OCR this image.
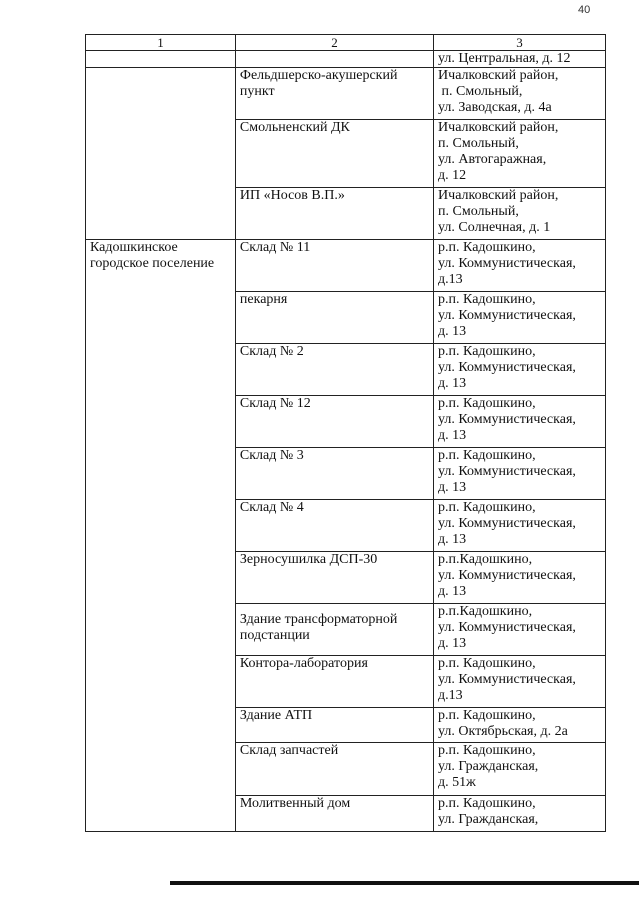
40
1	2	3

		ул. Центральная, д. 12

	Фельдшерско-акушерский пункт	Ичалковский район,
п. Смольный,
ул. Заводская, д. 4а

	Смольненский ДК	Ичалковский район,
п. Смольный,
ул. Автогаражная,
д. 12

	ИП «Носов В.П.»	Ичалковский район,
п. Смольный,
ул. Солнечная, д. 1

Кадошкинское городское поселение	Склад № 11	р.п. Кадошкино,
ул. Коммунистическая,
д.13

	пекарня	р.п. Кадошкино,
ул. Коммунистическая,
д. 13

	Склад № 2	р.п. Кадошкино,
ул. Коммунистическая,
д. 13

	Склад № 12	р.п. Кадошкино,
ул. Коммунистическая,
д. 13

	Склад № 3	р.п. Кадошкино,
ул. Коммунистическая,
д. 13

	Склад № 4	р.п. Кадошкино,
ул. Коммунистическая,
д. 13

	Зерносушилка ДСП-30	р.п.Кадошкино,
ул. Коммунистическая,
д. 13

	Здание трансформаторной подстанции	р.п.Кадошкино,
ул. Коммунистическая,
д. 13

	Контора-лаборатория	р.п. Кадошкино,
ул. Коммунистическая,
д.13

	Здание АТП	р.п. Кадошкино,
ул. Октябрьская, д. 2а

	Склад запчастей	р.п. Кадошкино,
ул. Гражданская,
д. 51ж

	Молитвенный дом	р.п. Кадошкино,
ул. Гражданская,
